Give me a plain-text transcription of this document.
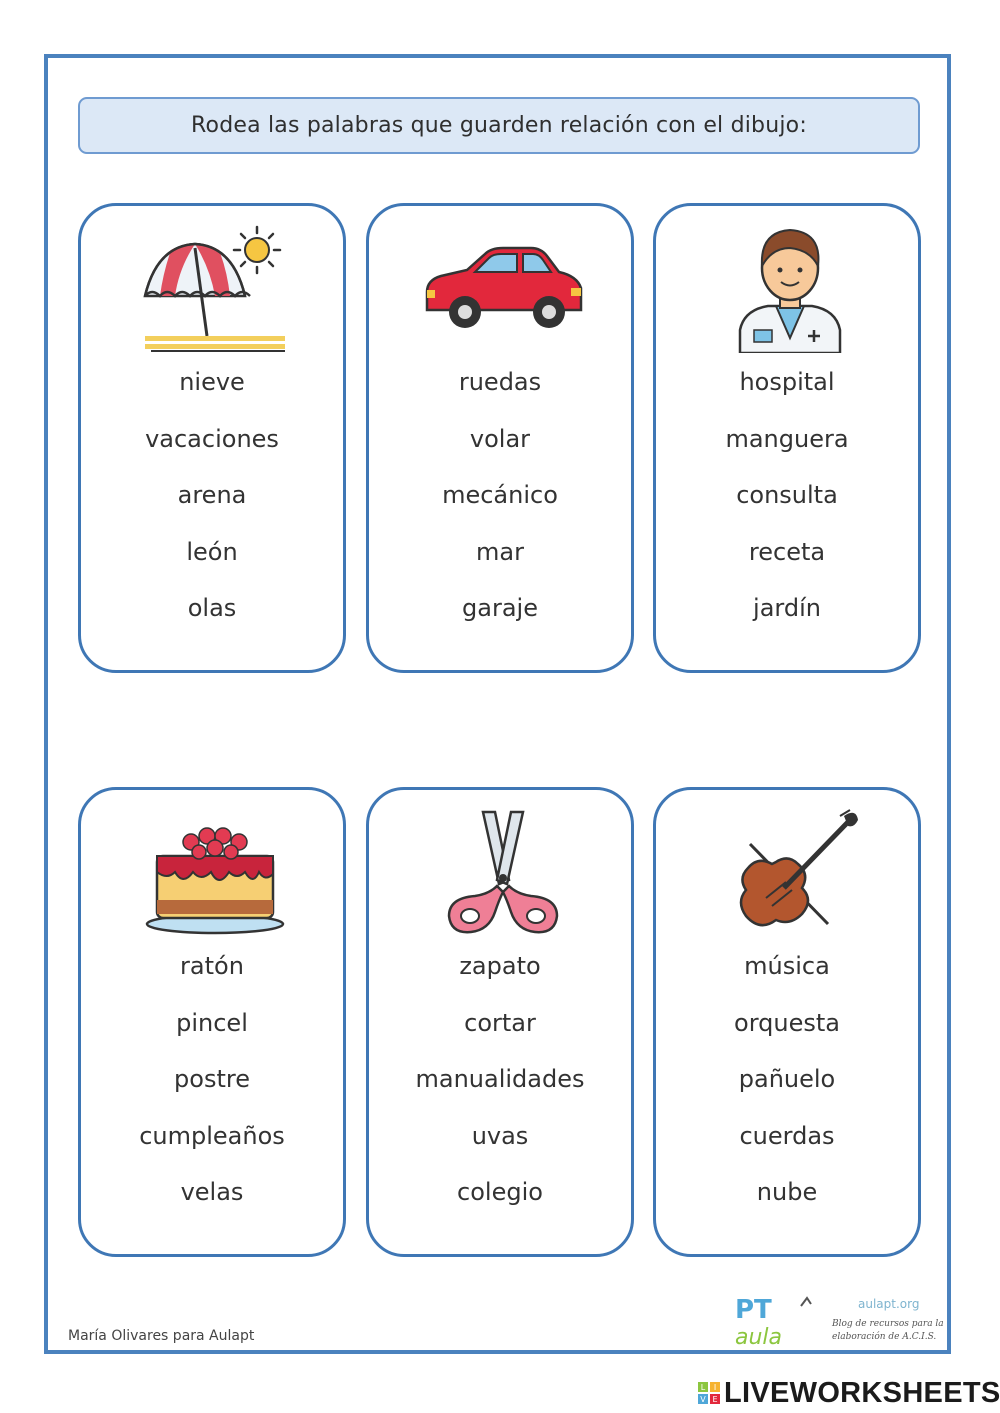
Rodea las palabras que guarden relación con el dibujo:
nieve
vacaciones
arena
león
olas
ruedas
volar
mecánico
mar
garaje
hospital
manguera
consulta
receta
jardín
ratón
pincel
postre
cumpleaños
velas
zapato
cortar
manualidades
uvas
colegio
música
orquesta
pañuelo
cuerdas
nube
María Olivares para Aulapt
PT
aula
aulapt.org
Blog de recursos para la elaboración de A.C.I.S.
L I
V E LIVEWORKSHEETS
